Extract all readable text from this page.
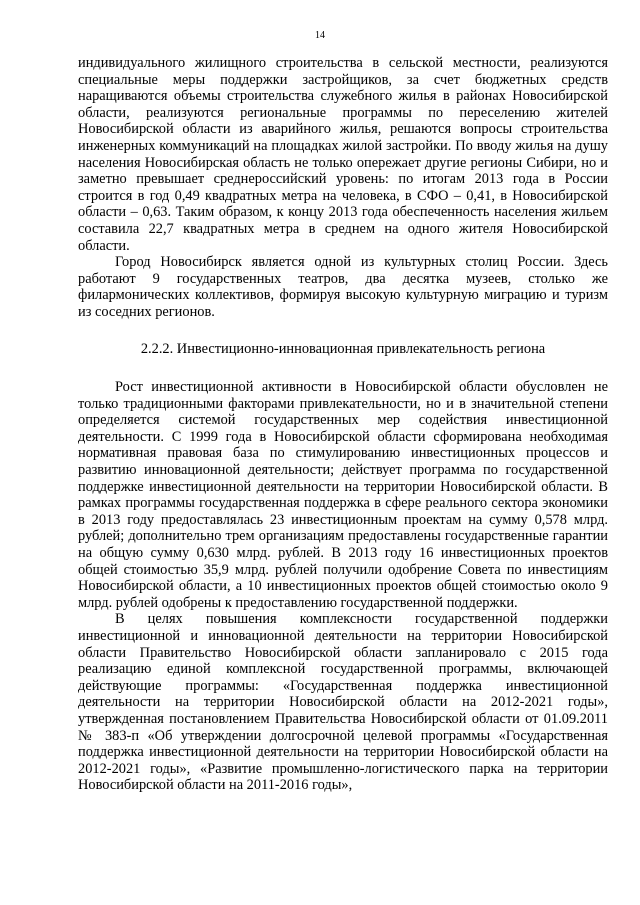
14

индивидуального жилищного строительства в сельской местности, реализуются специальные меры поддержки застройщиков, за счет бюджетных средств наращиваются объемы строительства служебного жилья в районах Новосибирской области, реализуются региональные программы по переселению жителей Новосибирской области из аварийного жилья, решаются вопросы строительства инженерных коммуникаций на площадках жилой застройки. По вводу жилья на душу населения Новосибирская область не только опережает другие регионы Сибири, но и заметно превышает среднероссийский уровень: по итогам 2013 года в России строится в год 0,49 квадратных метра на человека, в СФО – 0,41, в Новосибирской области – 0,63. Таким образом, к концу 2013 года обеспеченность населения жильем составила 22,7 квадратных метра в среднем на одного жителя Новосибирской области.

Город Новосибирск является одной из культурных столиц России. Здесь работают 9 государственных театров, два десятка музеев, столько же филармонических коллективов, формируя высокую культурную миграцию и туризм из соседних регионов.

2.2.2. Инвестиционно-инновационная привлекательность региона

Рост инвестиционной активности в Новосибирской области обусловлен не только традиционными факторами привлекательности, но и в значительной степени определяется системой государственных мер содействия инвестиционной деятельности. С 1999 года в Новосибирской области сформирована необходимая нормативная правовая база по стимулированию инвестиционных процессов и развитию инновационной деятельности; действует программа по государственной поддержке инвестиционной деятельности на территории Новосибирской области. В рамках программы государственная поддержка в сфере реального сектора экономики в 2013 году предоставлялась 23 инвестиционным проектам на сумму 0,578 млрд. рублей; дополнительно трем организациям предоставлены государственные гарантии на общую сумму 0,630 млрд. рублей. В 2013 году 16 инвестиционных проектов общей стоимостью 35,9 млрд. рублей получили одобрение Совета по инвестициям Новосибирской области, а 10 инвестиционных проектов общей стоимостью около 9 млрд. рублей одобрены к предоставлению государственной поддержки.

В целях повышения комплексности государственной поддержки инвестиционной и инновационной деятельности на территории Новосибирской области Правительство Новосибирской области запланировало с 2015 года реализацию единой комплексной государственной программы, включающей действующие программы: «Государственная поддержка инвестиционной деятельности на территории Новосибирской области на 2012-2021 годы», утвержденная постановлением Правительства Новосибирской области от 01.09.2011 № 383-п «Об утверждении долгосрочной целевой программы «Государственная поддержка инвестиционной деятельности на территории Новосибирской области на 2012-2021 годы», «Развитие промышленно-логистического парка на территории Новосибирской области на 2011-2016 годы»,
